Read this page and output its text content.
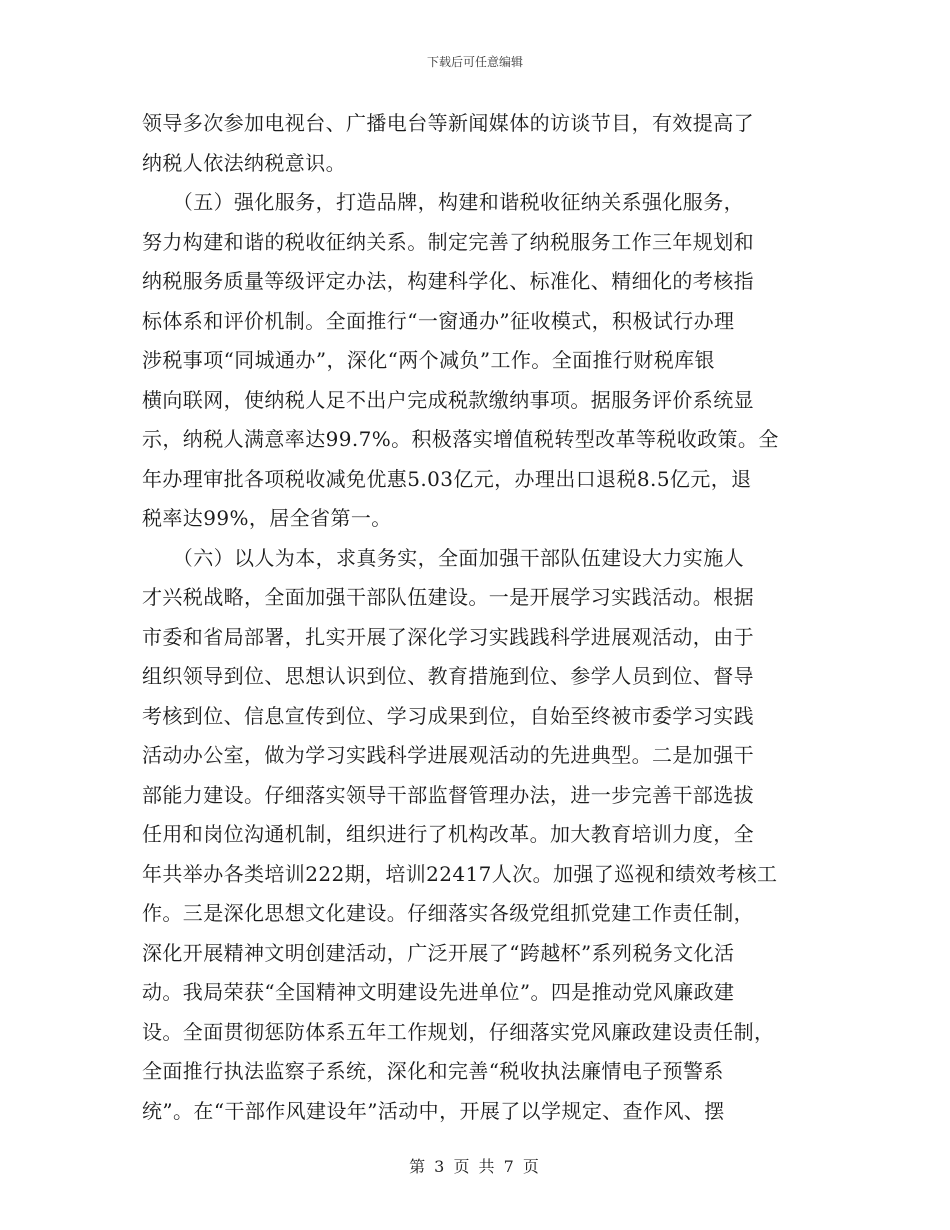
下载后可任意编辑
领导多次参加电视台、广播电台等新闻媒体的访谈节目，有效提高了
纳税人依法纳税意识。
　　（五）强化服务，打造品牌，构建和谐税收征纳关系强化服务，
努力构建和谐的税收征纳关系。制定完善了纳税服务工作三年规划和
纳税服务质量等级评定办法，构建科学化、标准化、精细化的考核指
标体系和评价机制。全面推行“一窗通办”征收模式，积极试行办理
涉税事项“同城通办”，深化“两个减负”工作。全面推行财税库银
横向联网，使纳税人足不出户完成税款缴纳事项。据服务评价系统显
示，纳税人满意率达99.7%。积极落实增值税转型改革等税收政策。全
年办理审批各项税收减免优惠5.03亿元，办理出口退税8.5亿元，退
税率达99%，居全省第一。
　　（六）以人为本，求真务实，全面加强干部队伍建设大力实施人
才兴税战略，全面加强干部队伍建设。一是开展学习实践活动。根据
市委和省局部署，扎实开展了深化学习实践践科学进展观活动，由于
组织领导到位、思想认识到位、教育措施到位、参学人员到位、督导
考核到位、信息宣传到位、学习成果到位，自始至终被市委学习实践
活动办公室，做为学习实践科学进展观活动的先进典型。二是加强干
部能力建设。仔细落实领导干部监督管理办法，进一步完善干部选拔
任用和岗位沟通机制，组织进行了机构改革。加大教育培训力度，全
年共举办各类培训222期，培训22417人次。加强了巡视和绩效考核工
作。三是深化思想文化建设。仔细落实各级党组抓党建工作责任制，
深化开展精神文明创建活动，广泛开展了“跨越杯”系列税务文化活
动。我局荣获“全国精神文明建设先进单位”。四是推动党风廉政建
设。全面贯彻惩防体系五年工作规划，仔细落实党风廉政建设责任制，
全面推行执法监察子系统，深化和完善“税收执法廉情电子预警系
统”。在“干部作风建设年”活动中，开展了以学规定、查作风、摆
第 3 页 共 7 页
